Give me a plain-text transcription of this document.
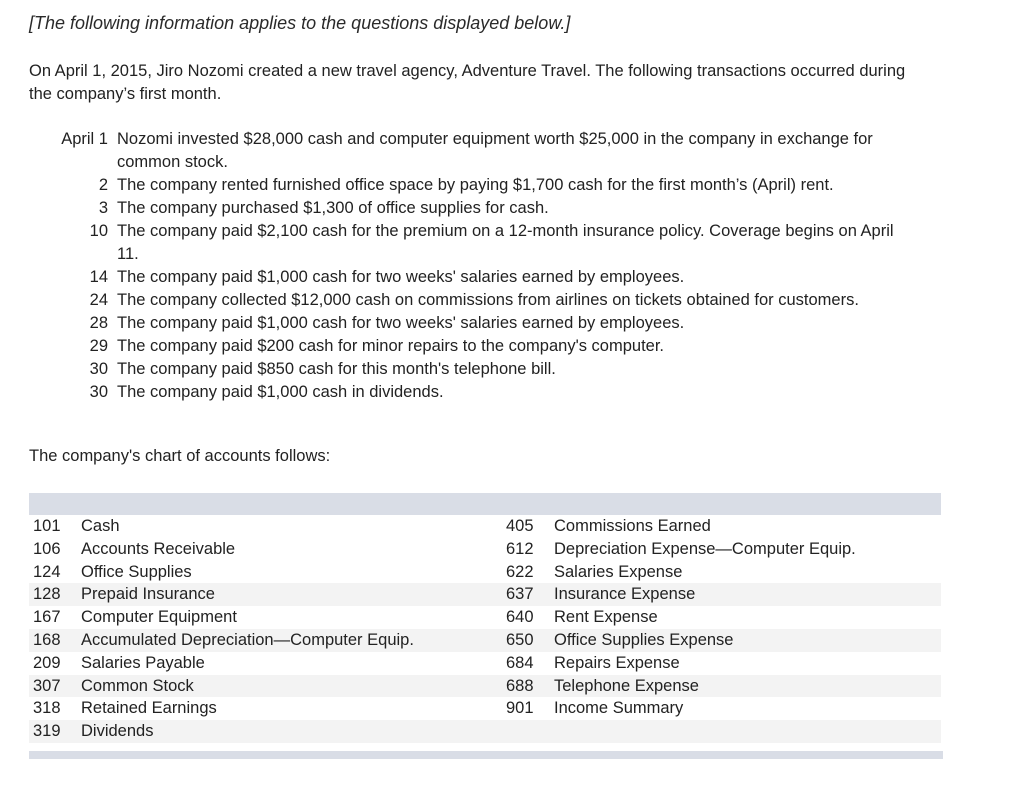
[The following information applies to the questions displayed below.]

On April 1, 2015, Jiro Nozomi created a new travel agency, Adventure Travel. The following transactions occurred during the company’s first month.

April 1	Nozomi invested $28,000 cash and computer equipment worth $25,000 in the company in exchange for common stock.
2	The company rented furnished office space by paying $1,700 cash for the first month’s (April) rent.
3	The company purchased $1,300 of office supplies for cash.
10	The company paid $2,100 cash for the premium on a 12-month insurance policy. Coverage begins on April 11.
14	The company paid $1,000 cash for two weeks' salaries earned by employees.
24	The company collected $12,000 cash on commissions from airlines on tickets obtained for customers.
28	The company paid $1,000 cash for two weeks' salaries earned by employees.
29	The company paid $200 cash for minor repairs to the company's computer.
30	The company paid $850 cash for this month's telephone bill.
30	The company paid $1,000 cash in dividends.

The company's chart of accounts follows:

101 Cash	405 Commissions Earned
106 Accounts Receivable	612 Depreciation Expense—Computer Equip.
124 Office Supplies	622 Salaries Expense
128 Prepaid Insurance	637 Insurance Expense
167 Computer Equipment	640 Rent Expense
168 Accumulated Depreciation—Computer Equip.	650 Office Supplies Expense
209 Salaries Payable	684 Repairs Expense
307 Common Stock	688 Telephone Expense
318 Retained Earnings	901 Income Summary
319 Dividends
